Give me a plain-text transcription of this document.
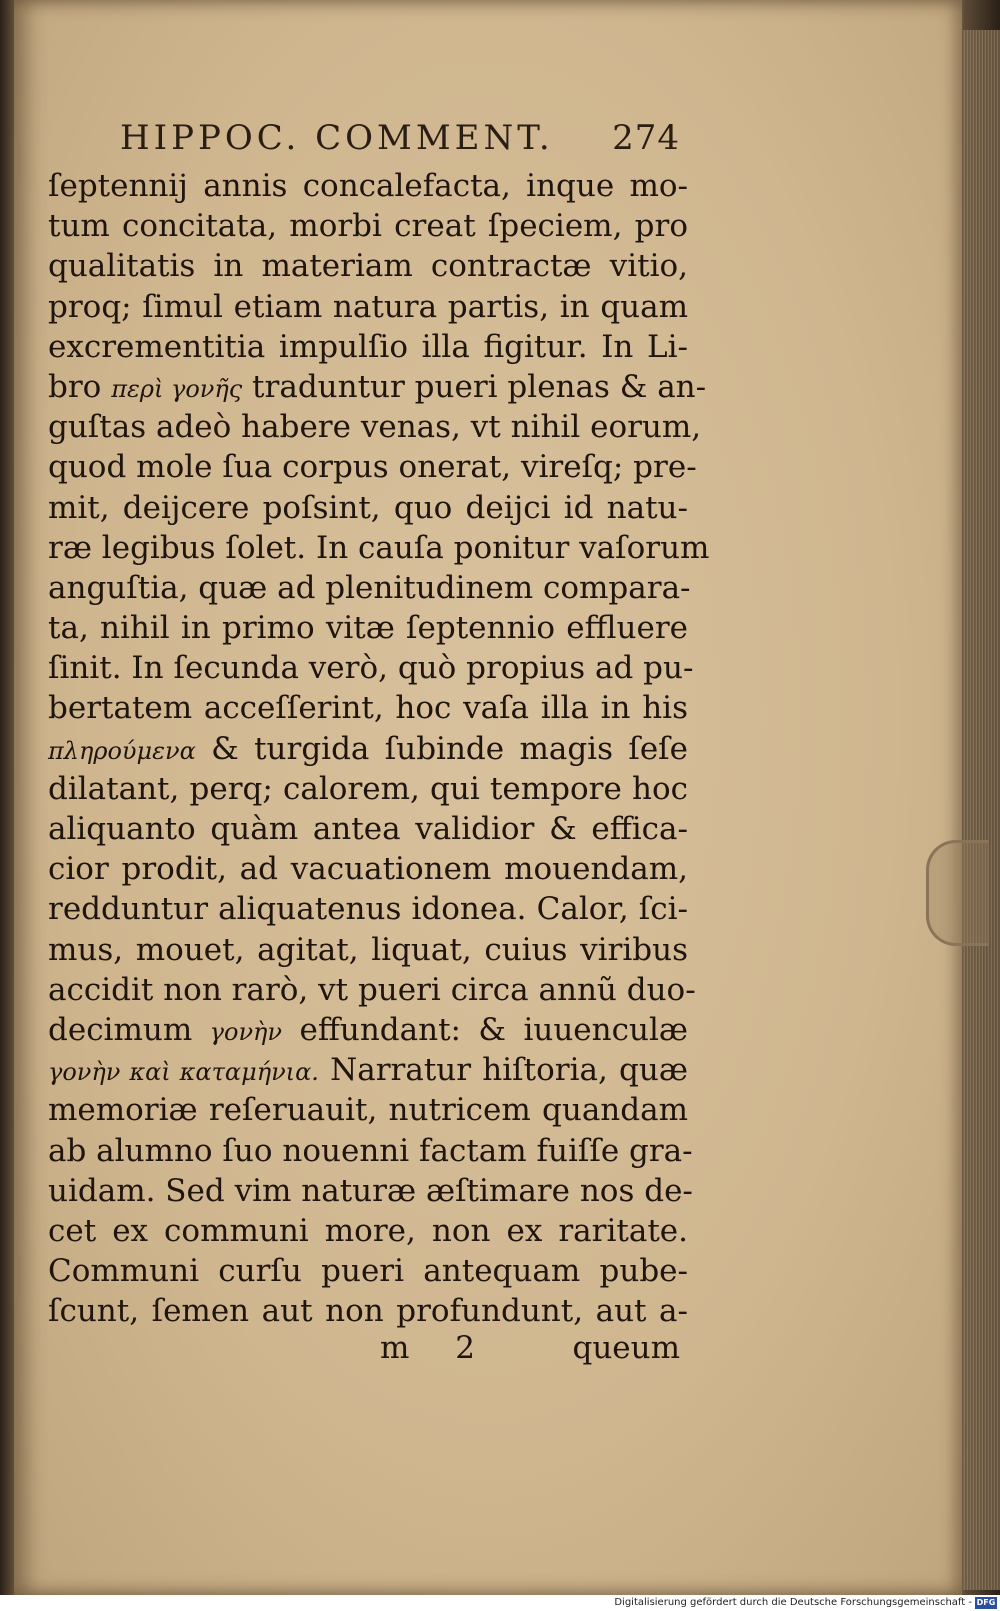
HIPPOC. COMMENT. 274
ſeptennij annis concalefacta, inque mo-
tum concitata, morbi creat ſpeciem, pro
qualitatis in materiam contractæ vitio,
proq; ſimul etiam natura partis, in quam
excrementitia impulſio illa figitur. In Li-
bro περὶ γονῆς traduntur pueri plenas & an-
guſtas adeò habere venas, vt nihil eorum,
quod mole ſua corpus onerat, vireſq; pre-
mit, deijcere poſsint, quo deijci id natu-
ræ legibus ſolet. In cauſa ponitur vaſorum
anguſtia, quæ ad plenitudinem compara-
ta, nihil in primo vitæ ſeptennio effluere
ſinit. In ſecunda verò, quò propius ad pu-
bertatem acceſſerint, hoc vaſa illa in his
πληρούμενα & turgida ſubinde magis ſeſe
dilatant, perq; calorem, qui tempore hoc
aliquanto quàm antea validior & effica-
cior prodit, ad vacuationem mouendam,
redduntur aliquatenus idonea. Calor, ſci-
mus, mouet, agitat, liquat, cuius viribus
accidit non rarò, vt pueri circa annũ duo-
decimum γονὴν effundant: & iuuenculæ
γονὴν καὶ καταμήνια. Narratur hiſtoria, quæ
memoriæ reſeruauit, nutricem quandam
ab alumno ſuo nouenni factam fuiſſe gra-
uidam. Sed vim naturæ æſtimare nos de-
cet ex communi more, non ex raritate.
Communi curſu pueri antequam pube-
ſcunt, ſemen aut non profundunt, aut a-
m 2	queum
Digitalisierung gefördert durch die Deutsche Forschungsgemeinschaft - DFG
